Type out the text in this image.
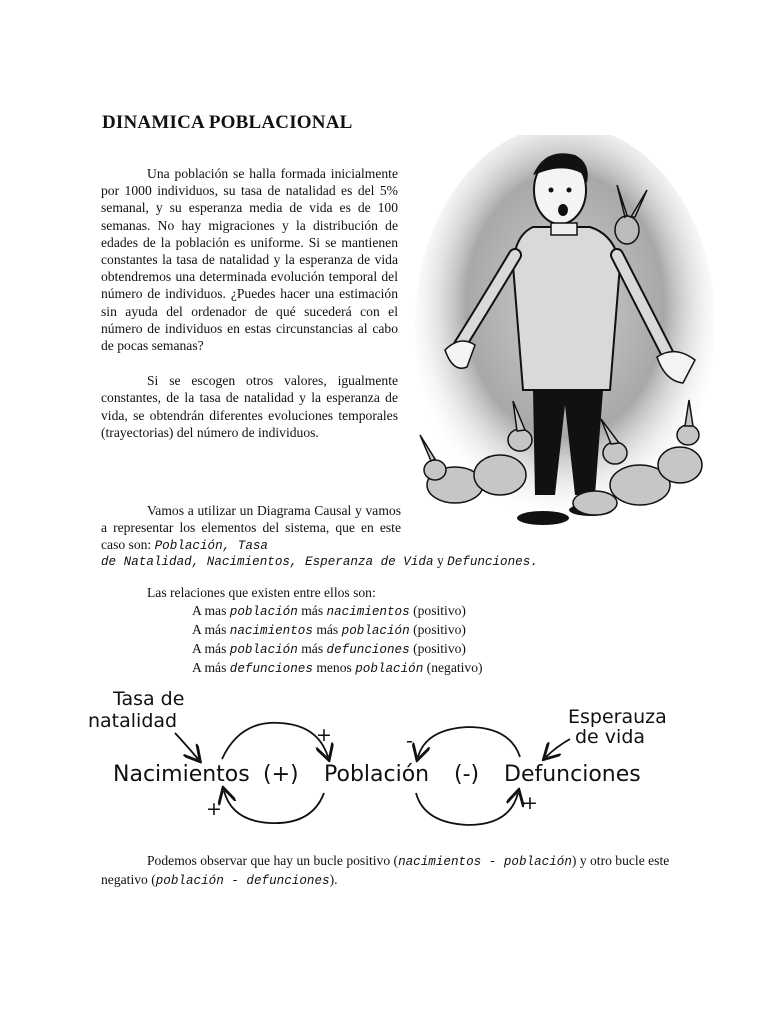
DINAMICA POBLACIONAL

Una población se halla formada inicialmente por 1000 individuos, su tasa de natalidad es del 5% semanal, y su esperanza media de vida es de 100 semanas. No hay migraciones y la distribución de edades de la población es uniforme. Si se mantienen constantes la tasa de natalidad y la esperanza de vida obtendremos una determinada evolución temporal del número de individuos. ¿Puedes hacer una estimación sin ayuda del ordenador de qué sucederá con el número de individuos en estas circunstancias al cabo de pocas semanas?

Si se escogen otros valores, igualmente constantes, de la tasa de natalidad y la esperanza de vida, se obtendrán diferentes evoluciones temporales (trayectorias) del número de individuos.

Vamos a utilizar un Diagrama Causal y vamos a representar los elementos del sistema, que en este caso son: Población, Tasa

de Natalidad, Nacimientos, Esperanza de Vida y Defunciones.

Las relaciones que existen entre ellos son:

A mas población más nacimientos (positivo)
A más nacimientos más población (positivo)
A más población más defunciones (positivo)
A más defunciones menos población (negativo)
Tasa de
natalidad	Esperauza
de vida
Nacimientos (+) Población (-) Defunciones
+
+
-
+

Podemos observar que hay un bucle positivo (nacimientos - población) y otro bucle este negativo (población - defunciones).
